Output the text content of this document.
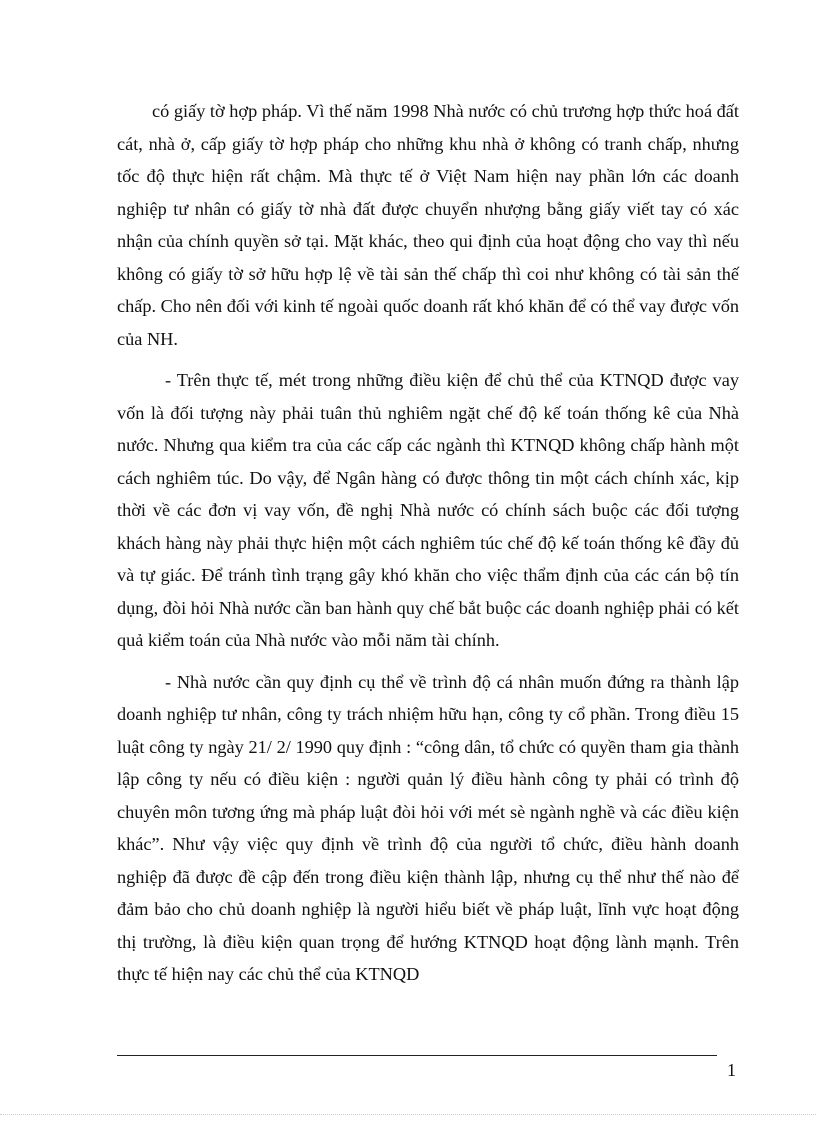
có giấy tờ hợp pháp. Vì thế năm 1998 Nhà nước có chủ trương hợp thức hoá đất cát, nhà ở, cấp giấy tờ hợp pháp cho những khu nhà ở không có tranh chấp, nhưng tốc độ thực hiện rất chậm. Mà thực tế ở Việt Nam hiện nay phần lớn các doanh nghiệp tư nhân có giấy tờ nhà đất được chuyển nhượng bằng giấy viết tay có xác nhận của chính quyền sở tại. Mặt khác, theo qui định của hoạt động cho vay thì nếu không có giấy tờ sở hữu hợp lệ về tài sản thế chấp thì coi như không có tài sản thế chấp. Cho nên đối với kinh tế ngoài quốc doanh rất khó khăn để có thể vay được vốn của NH.

- Trên thực tế, mét trong những điều kiện để chủ thể của KTNQD được vay vốn là đối tượng này phải tuân thủ nghiêm ngặt chế độ kế toán thống kê của Nhà nước. Nhưng qua kiểm tra của các cấp các ngành thì KTNQD không chấp hành một cách nghiêm túc. Do vậy, để Ngân hàng có được thông tin một cách chính xác, kịp thời về các đơn vị vay vốn, đề nghị Nhà nước có chính sách buộc các đối tượng khách hàng này phải thực hiện một cách nghiêm túc chế độ kế toán thống kê đầy đủ và tự giác. Để tránh tình trạng gây khó khăn cho việc thẩm định của các cán bộ tín dụng, đòi hỏi Nhà nước cần ban hành quy chế bắt buộc các doanh nghiệp phải có kết quả kiểm toán của Nhà nước vào mỗi năm tài chính.

- Nhà nước cần quy định cụ thể về trình độ cá nhân muốn đứng ra thành lập doanh nghiệp tư nhân, công ty trách nhiệm hữu hạn, công ty cổ phần. Trong điều 15 luật công ty ngày 21/ 2/ 1990 quy định : “công dân, tổ chức có quyền tham gia thành lập công ty nếu có điều kiện : người quản lý điều hành công ty phải có trình độ chuyên môn tương ứng mà pháp luật đòi hỏi với mét sè ngành nghề và các điều kiện khác”. Như vậy việc quy định về trình độ của người tổ chức, điều hành doanh nghiệp đã được đề cập đến trong điều kiện thành lập, nhưng cụ thể như thế nào để đảm bảo cho chủ doanh nghiệp là người hiểu biết về pháp luật, lĩnh vực hoạt động thị trường, là điều kiện quan trọng để hướng KTNQD hoạt động lành mạnh. Trên thực tế hiện nay các chủ thể của KTNQD

1
